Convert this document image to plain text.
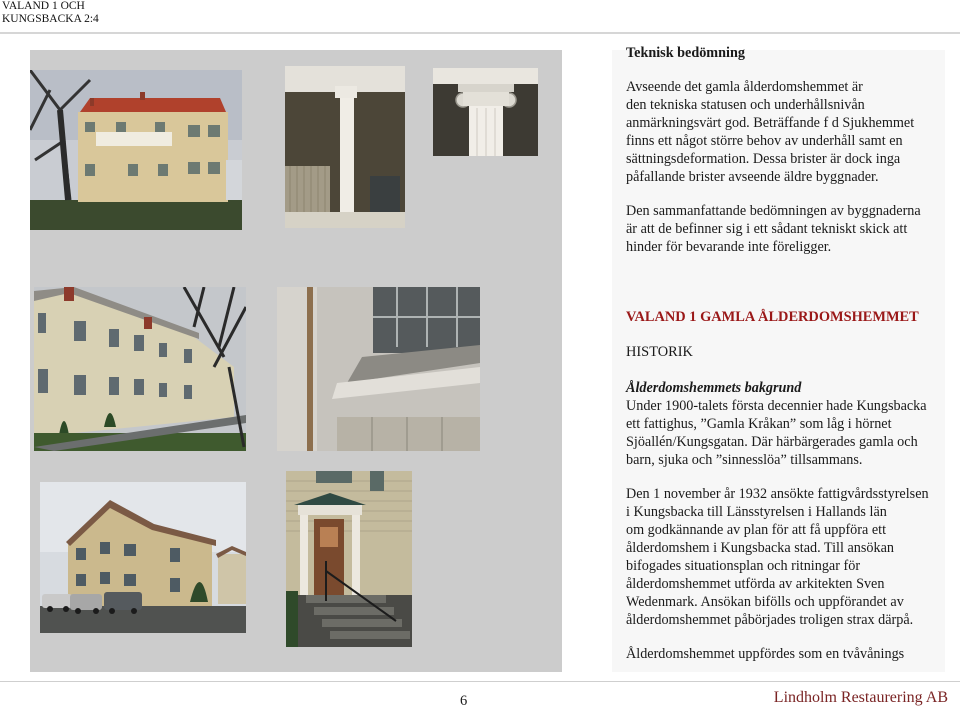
VALAND 1 OCH
KUNGSBACKA 2:4

Teknisk bedömning

Avseende det gamla ålderdomshemmet är
den tekniska statusen och underhållsnivån
anmärkningsvärt god. Beträffande f d Sjukhemmet
finns ett något större behov av underhåll samt en
sättningsdeformation. Dessa brister är dock inga
påfallande brister avseende äldre byggnader.

Den sammanfattande bedömningen av byggnaderna
är att de befinner sig i ett sådant tekniskt skick att
hinder för bevarande inte föreligger.

VALAND 1 GAMLA ÅLDERDOMSHEMMET

HISTORIK

Ålderdomshemmets bakgrund
Under 1900-talets första decennier hade Kungsbacka
ett fattighus, ”Gamla Kråkan” som låg i hörnet
Sjöallén/Kungsgatan. Där härbärgerades gamla och
barn, sjuka och ”sinnesslöa” tillsammans.

Den 1 november år 1932 ansökte fattigvårdsstyrelsen
i Kungsbacka till Länsstyrelsen i Hallands län
om godkännande av plan för att få uppföra ett
ålderdomshem i Kungsbacka stad. Till ansökan
bifogades situationsplan och ritningar för
ålderdomshemmet utförda av arkitekten Sven
Wedenmark. Ansökan bifölls och uppförandet av
ålderdomshemmet påbörjades troligen strax därpå.

Ålderdomshemmet uppfördes som en tvåvånings

6	Lindholm Restaurering AB
